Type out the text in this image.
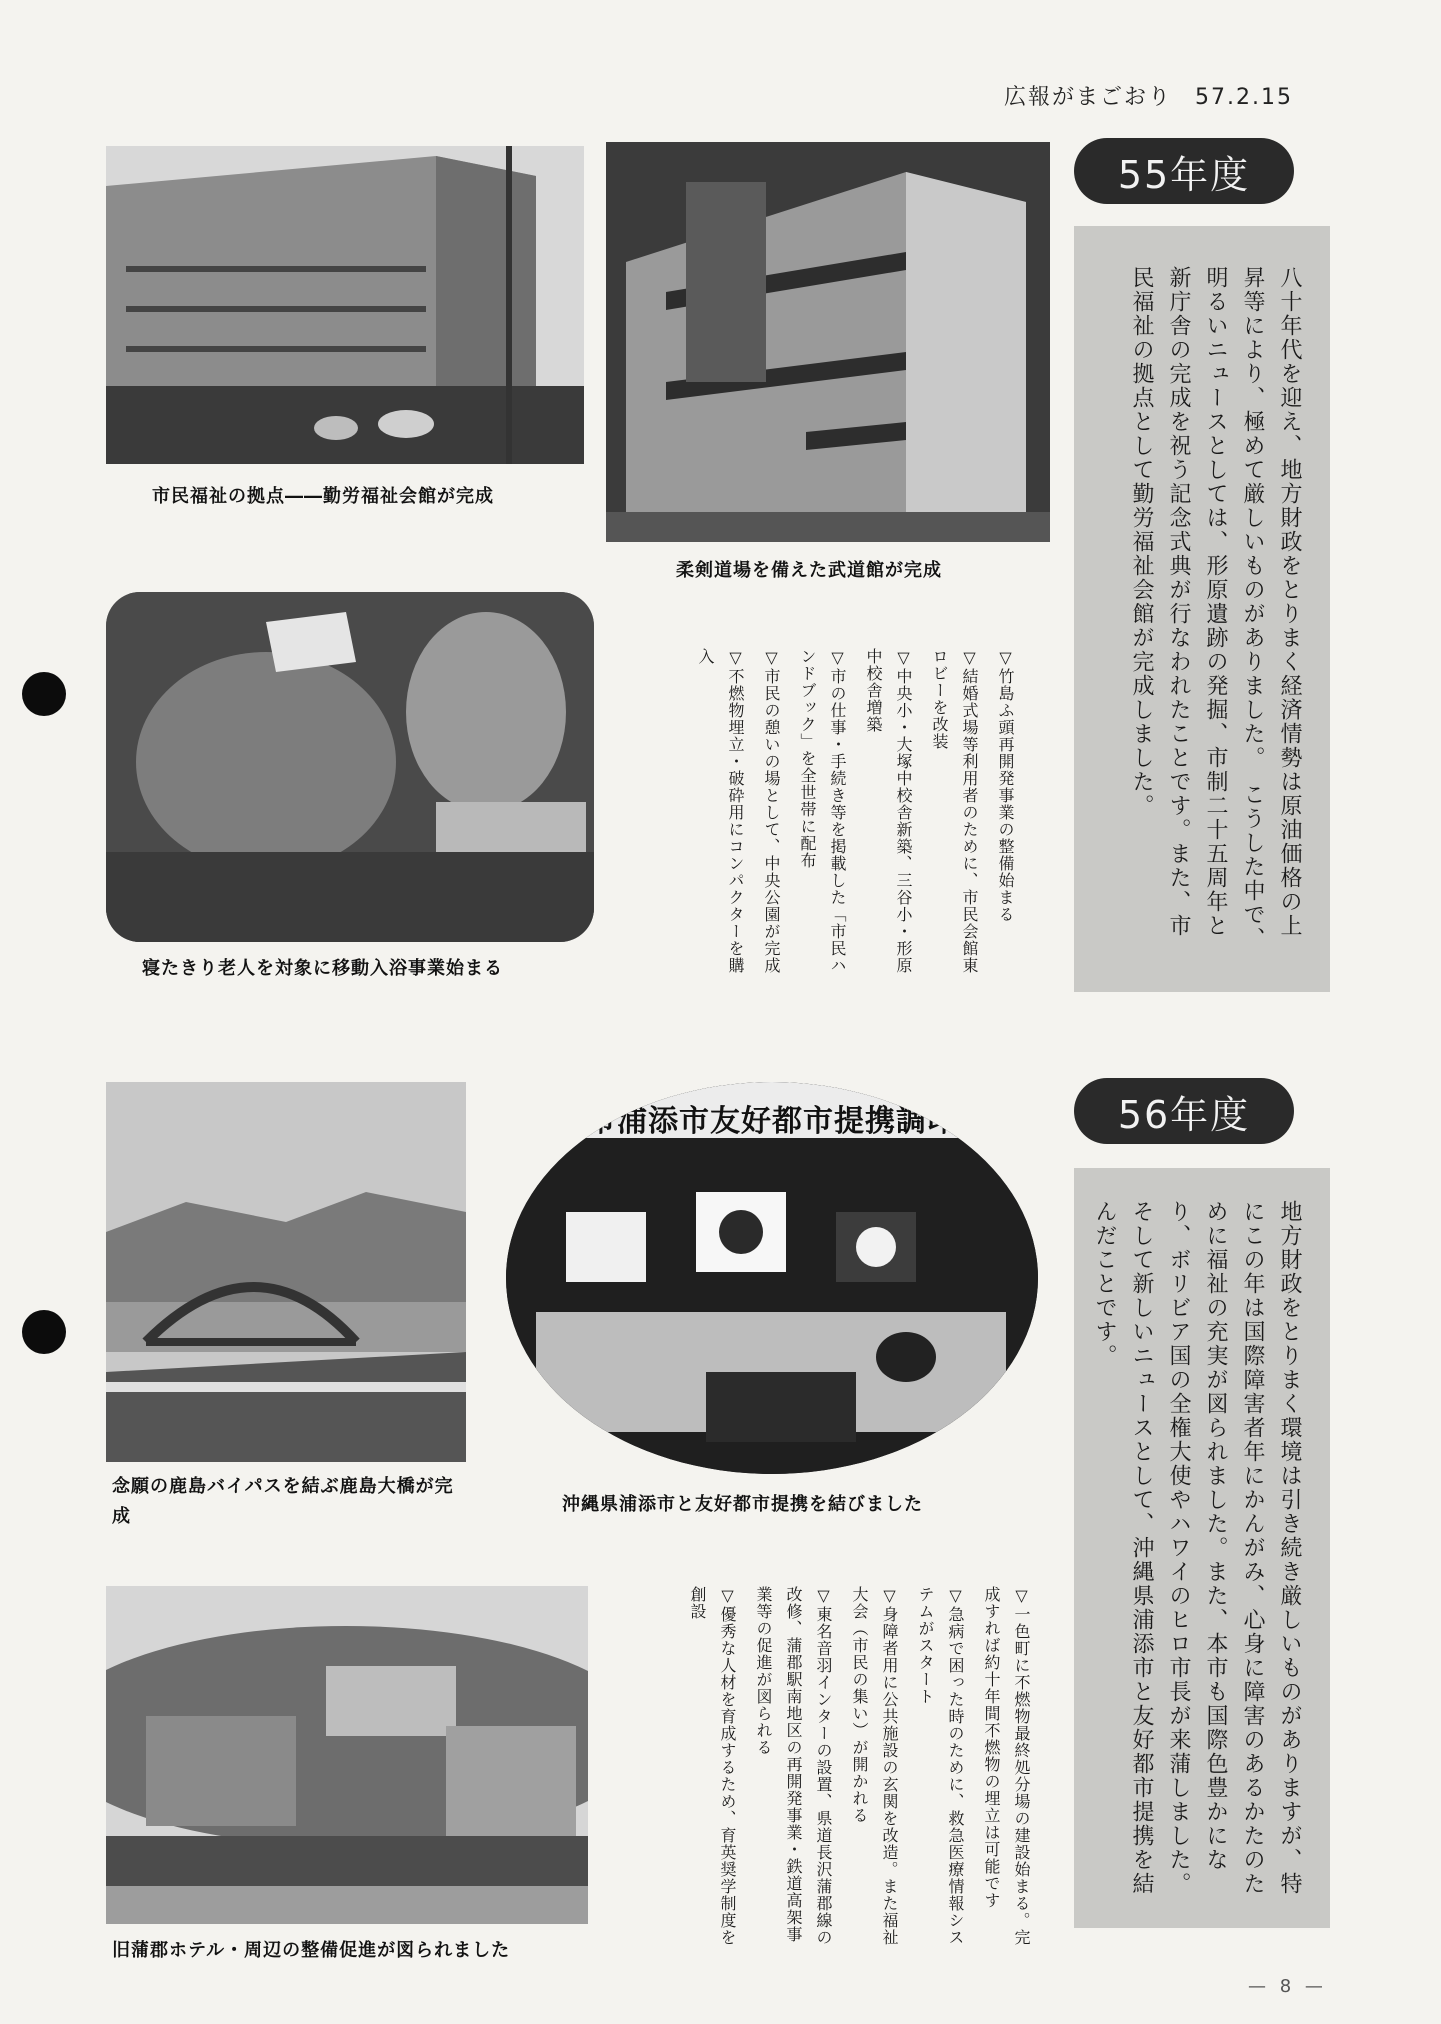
広報がまごおり 57.2.15
市民福祉の拠点――勤労福祉会館が完成
柔剣道場を備えた武道館が完成
寝たきり老人を対象に移動入浴事業始まる
▽竹島ふ頭再開発事業の整備始まる
▽結婚式場等利用者のために、市民会館東ロビーを改装
▽中央小・大塚中校舎新築、三谷小・形原中校舎増築
▽市の仕事・手続き等を掲載した「市民ハンドブック」を全世帯に配布
▽市民の憩いの場として、中央公園が完成
▽不燃物埋立・破砕用にコンパクターを購入
55年度
八十年代を迎え、地方財政をとりまく経済情勢は原油価格の上昇等により、極めて厳しいものがありました。　こうした中で、明るいニュースとしては、形原遺跡の発掘、市制二十五周年と新庁舎の完成を祝う記念式典が行なわれたことです。また、市民福祉の拠点として勤労福祉会館が完成しました。
念願の鹿島バイパスを結ぶ鹿島大橋が完成
郡市浦添市友好都市提携調印式
沖縄県浦添市と友好都市提携を結びました
旧蒲郡ホテル・周辺の整備促進が図られました
▽一色町に不燃物最終処分場の建設始まる。完成すれば約十年間不燃物の埋立は可能です
▽急病で困った時のために、救急医療情報システムがスタート
▽身障者用に公共施設の玄関を改造。また福祉大会（市民の集い）が開かれる
▽東名音羽インターの設置、県道長沢蒲郡線の改修、蒲郡駅南地区の再開発事業・鉄道高架事業等の促進が図られる
▽優秀な人材を育成するため、育英奨学制度を創設
56年度
地方財政をとりまく環境は引き続き厳しいものがありますが、特にこの年は国際障害者年にかんがみ、心身に障害のあるかたのために福祉の充実が図られました。また、本市も国際色豊かになり、ボリビア国の全権大使やハワイのヒロ市長が来蒲しました。そして新しいニュースとして、沖縄県浦添市と友好都市提携を結んだことです。
— 8 —
